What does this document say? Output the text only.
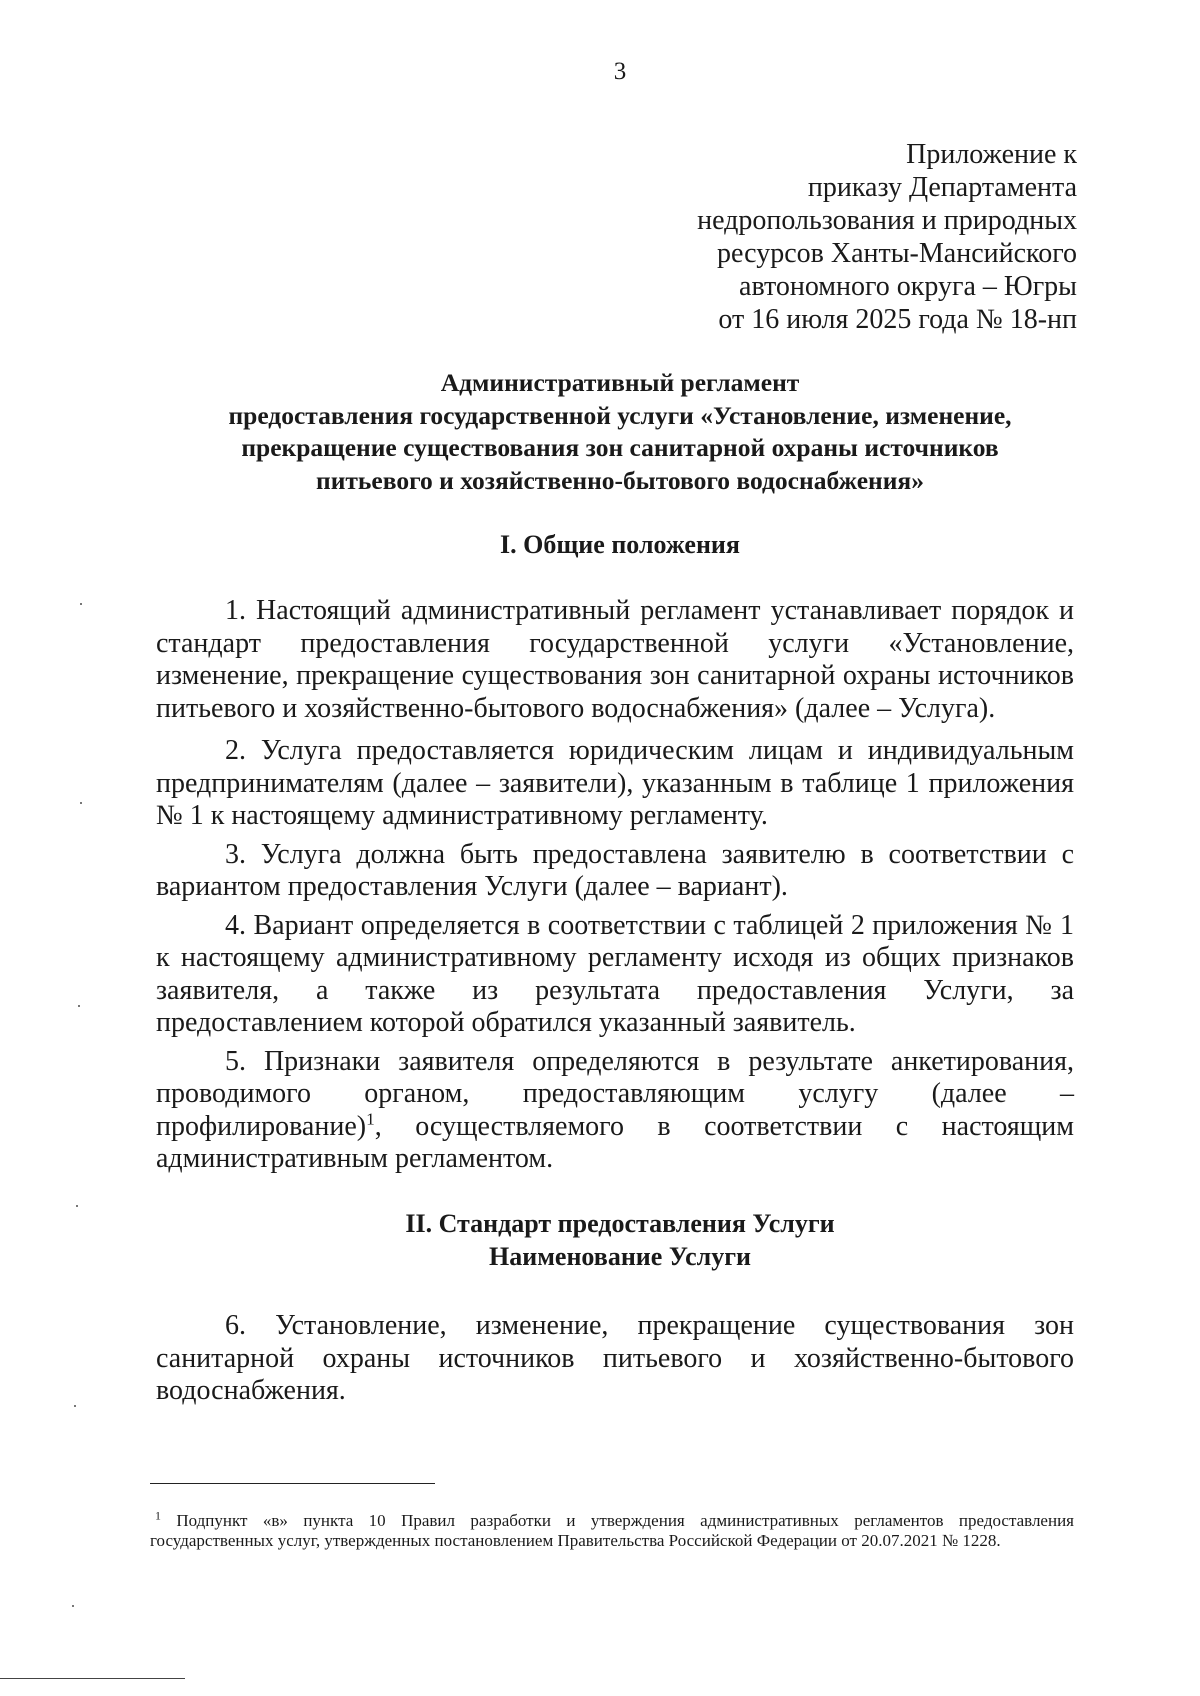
3
Приложение к
приказу Департамента
недропользования и природных
ресурсов Ханты-Мансийского
автономного округа – Югры
от 16 июля 2025 года № 18-нп
Административный регламент
предоставления государственной услуги «Установление, изменение,
прекращение существования зон санитарной охраны источников
питьевого и хозяйственно-бытового водоснабжения»
I. Общие положения

1. Настоящий административный регламент устанавливает порядок и стандарт предоставления государственной услуги «Установление, изменение, прекращение существования зон санитарной охраны источников питьевого и хозяйственно-бытового водоснабжения» (далее – Услуга).

2. Услуга предоставляется юридическим лицам и индивидуальным предпринимателям (далее – заявители), указанным в таблице 1 приложения № 1 к настоящему административному регламенту.

3. Услуга должна быть предоставлена заявителю в соответствии с вариантом предоставления Услуги (далее – вариант).

4. Вариант определяется в соответствии с таблицей 2 приложения № 1 к настоящему административному регламенту исходя из общих признаков заявителя, а также из результата предоставления Услуги, за предоставлением которой обратился указанный заявитель.

5. Признаки заявителя определяются в результате анкетирования, проводимого органом, предоставляющим услугу (далее – профилирование)$^1$, осуществляемого в соответствии с настоящим административным регламентом.

II. Стандарт предоставления Услуги
Наименование Услуги

6. Установление, изменение, прекращение существования зон санитарной охраны источников питьевого и хозяйственно-бытового водоснабжения.

$^1$ Подпункт «в» пункта 10 Правил разработки и утверждения административных регламентов предоставления государственных услуг, утвержденных постановлением Правительства Российской Федерации от 20.07.2021 № 1228.
